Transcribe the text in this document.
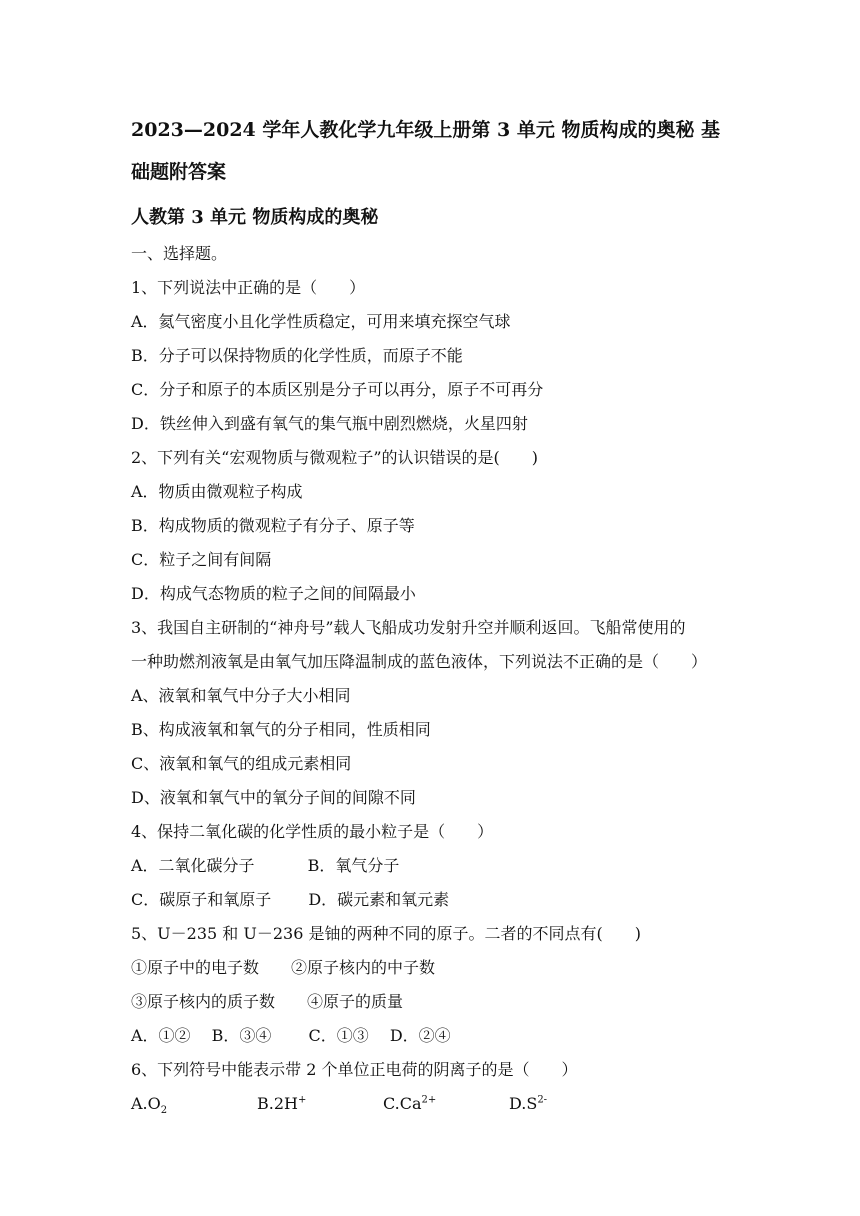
2023—2024 学年人教化学九年级上册第 3 单元 物质构成的奥秘 基
础题附答案
人教第 3 单元 物质构成的奥秘
一、选择题。
1、下列说法中正确的是（　　）
A．氦气密度小且化学性质稳定，可用来填充探空气球
B．分子可以保持物质的化学性质，而原子不能
C．分子和原子的本质区别是分子可以再分，原子不可再分
D．铁丝伸入到盛有氧气的集气瓶中剧烈燃烧，火星四射
2、下列有关“宏观物质与微观粒子”的认识错误的是(　　)
A．物质由微观粒子构成
B．构成物质的微观粒子有分子、原子等
C．粒子之间有间隔
D．构成气态物质的粒子之间的间隔最小
3、我国自主研制的“神舟号”载人飞船成功发射升空并顺利返回。飞船常使用的
一种助燃剂液氧是由氧气加压降温制成的蓝色液体，下列说法不正确的是（　　）
A、液氧和氧气中分子大小相同
B、构成液氧和氧气的分子相同，性质相同
C、液氧和氧气的组成元素相同
D、液氧和氧气中的氧分子间的间隙不同
4、保持二氧化碳的化学性质的最小粒子是（　　）
A．二氧化碳分子　　　 B．氧气分子
C．碳原子和氧原子　　 D．碳元素和氧元素
5、U－235 和 U－236 是铀的两种不同的原子。二者的不同点有(　　)
①原子中的电子数　　②原子核内的中子数
③原子核内的质子数　　④原子的质量
A．①②　 B．③④　　 C．①③　 D．②④
6、下列符号中能表示带 2 个单位正电荷的阴离子的是（　　）
$A.O_2$	B.2H+	$C.Ca^{2+}$	$D.S^{2-}$
